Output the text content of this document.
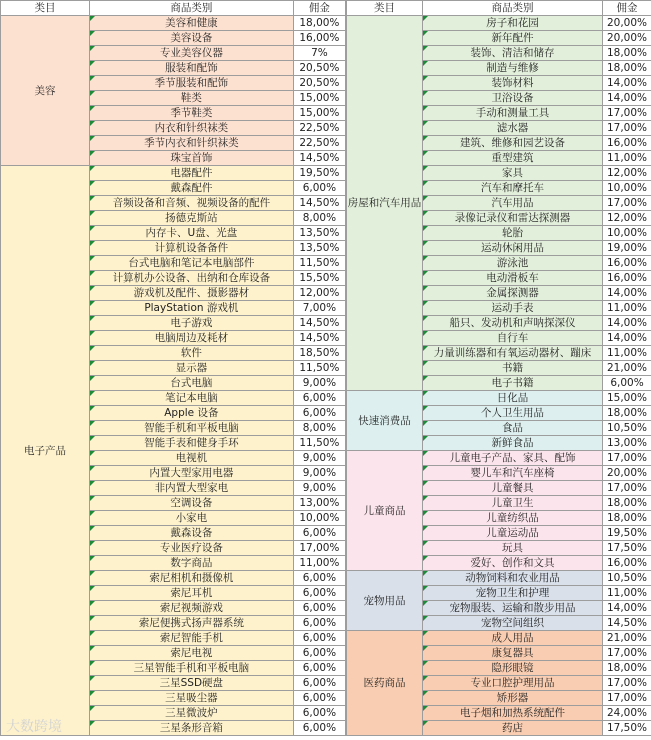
类目	商品类别	佣金
美容	美容和健康	18,00%
	美容设备	16,00%
	专业美容仪器	7%
	服装和配饰	20,50%
	季节服装和配饰	20,50%
	鞋类	15,00%
	季节鞋类	15,00%
	内衣和针织袜类	22,50%
	季节内衣和针织袜类	22,50%
	珠宝首饰	14,50%
电子产品	电器配件	19,50%
	戴森配件	6,00%
	音频设备和音频、视频设备的配件	14,50%
	扬德克斯站	8,00%
	内存卡、U盘、光盘	13,50%
	计算机设备备件	13,50%
	台式电脑和笔记本电脑部件	11,50%
	计算机办公设备、出纳和仓库设备	15,50%
	游戏机及配件、摄影器材	12,00%
	PlayStation 游戏机	7,00%
	电子游戏	14,50%
	电脑周边及耗材	14,50%
	软件	18,50%
	显示器	11,50%
	台式电脑	9,00%
	笔记本电脑	6,00%
	Apple 设备	6,00%
	智能手机和平板电脑	8,00%
	智能手表和健身手环	11,50%
	电视机	9,00%
	内置大型家用电器	9,00%
	非内置大型家电	9,00%
	空调设备	13,00%
	小家电	10,00%
	戴森设备	6,00%
	专业医疗设备	17,00%
	数字商品	11,00%
	索尼相机和摄像机	6,00%
	索尼耳机	6,00%
	索尼视频游戏	6,00%
	索尼便携式扬声器系统	6,00%
	索尼智能手机	6,00%
	索尼电视	6,00%
	三星智能手机和平板电脑	6,00%
	三星SSD硬盘	6,00%
	三星吸尘器	6,00%
	三星微波炉	6,00%
	三星条形音箱	6,00%
类目	商品类别	佣金
房屋和汽车用品	房子和花园	20,00%
	新年配件	20,00%
	装饰、清洁和储存	18,00%
	制造与维修	18,00%
	装饰材料	14,00%
	卫浴设备	14,00%
	手动和测量工具	17,00%
	滤水器	17,00%
	建筑、维修和园艺设备	16,00%
	重型建筑	11,00%
	家具	12,00%
	汽车和摩托车	10,00%
	汽车用品	17,00%
	录像记录仪和雷达探测器	12,00%
	轮胎	10,00%
	运动休闲用品	19,00%
	游泳池	16,00%
	电动滑板车	16,00%
	金属探测器	14,00%
	运动手表	11,00%
	船只、发动机和声呐探深仪	14,00%
	自行车	14,00%
	力量训练器和有氧运动器材、蹦床	11,00%
	书籍	21,00%
	电子书籍	6,00%
快速消费品	日化品	15,00%
	个人卫生用品	18,00%
	食品	10,50%
	新鲜食品	13,00%
儿童商品	儿童电子产品、家具、配饰	17,00%
	婴儿车和汽车座椅	20,00%
	儿童餐具	17,00%
	儿童卫生	18,00%
	儿童纺织品	18,00%
	儿童运动品	19,50%
	玩具	17,50%
	爱好、创作和文具	16,00%
宠物用品	动物饲料和农业用品	10,50%
	宠物卫生和护理	11,00%
	宠物服装、运输和散步用品	14,00%
	宠物空间组织	14,50%
医药商品	成人用品	21,00%
	康复器具	17,00%
	隐形眼镜	18,00%
	专业口腔护理用品	17,00%
	矫形器	17,00%
	电子烟和加热系统配件	24,00%
	药店	17,50%
大数跨境
